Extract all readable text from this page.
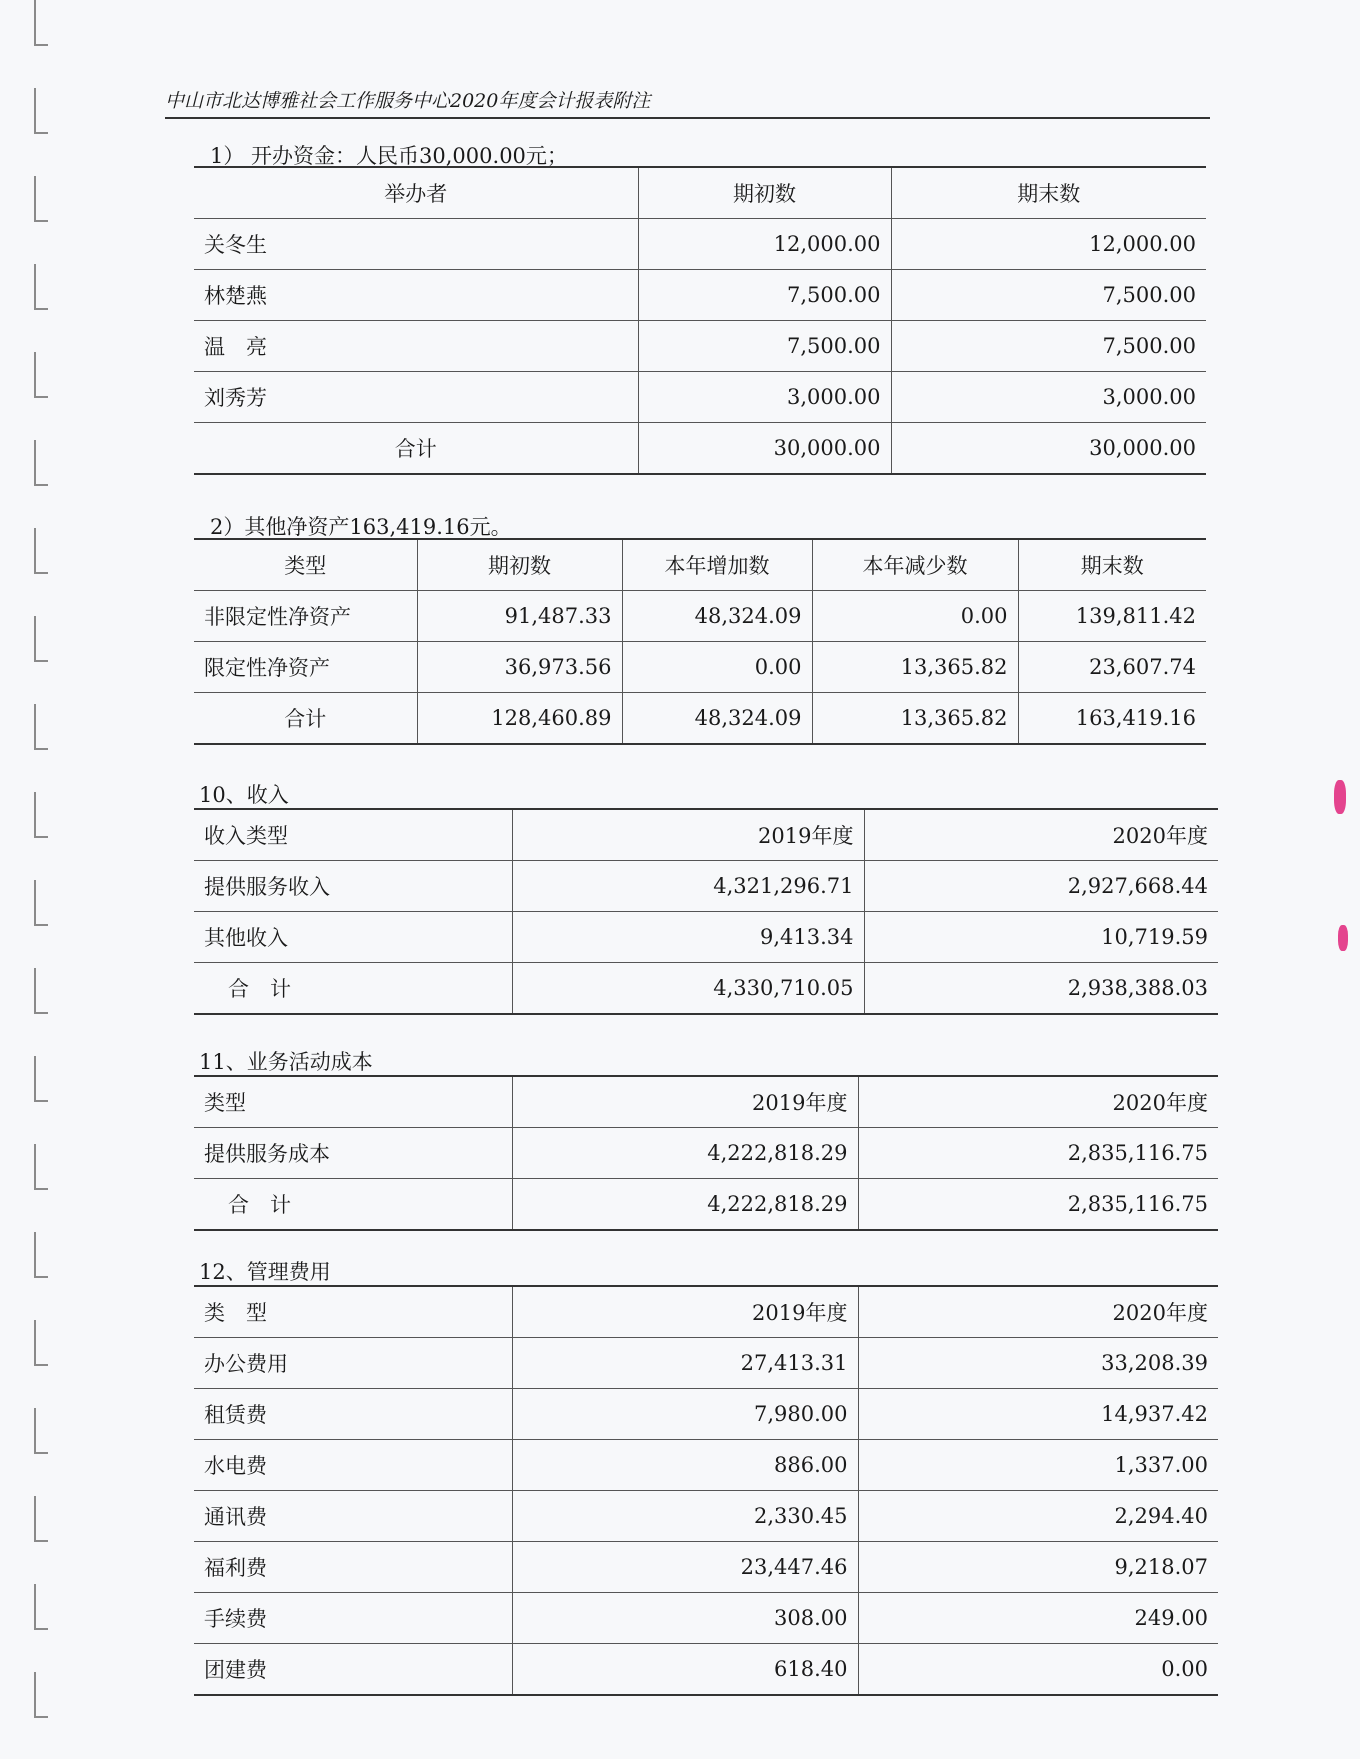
中山市北达博雅社会工作服务中心2020年度会计报表附注
1） 开办资金：人民币30,000.00元；
举办者	期初数	期末数
关冬生	12,000.00	12,000.00
林楚燕	7,500.00	7,500.00
温　亮	7,500.00	7,500.00
刘秀芳	3,000.00	3,000.00
合计	30,000.00	30,000.00
2）其他净资产163,419.16元。
类型	期初数	本年增加数	本年减少数	期末数
非限定性净资产	91,487.33	48,324.09	0.00	139,811.42
限定性净资产	36,973.56	0.00	13,365.82	23,607.74
合计	128,460.89	48,324.09	13,365.82	163,419.16
10、收入
收入类型	2019年度	2020年度
提供服务收入	4,321,296.71	2,927,668.44
其他收入	9,413.34	10,719.59
合　计	4,330,710.05	2,938,388.03
11、业务活动成本
类型	2019年度	2020年度
提供服务成本	4,222,818.29	2,835,116.75
合　计	4,222,818.29	2,835,116.75
12、管理费用
类　型	2019年度	2020年度
办公费用	27,413.31	33,208.39
租赁费	7,980.00	14,937.42
水电费	886.00	1,337.00
通讯费	2,330.45	2,294.40
福利费	23,447.46	9,218.07
手续费	308.00	249.00
团建费	618.40	0.00
